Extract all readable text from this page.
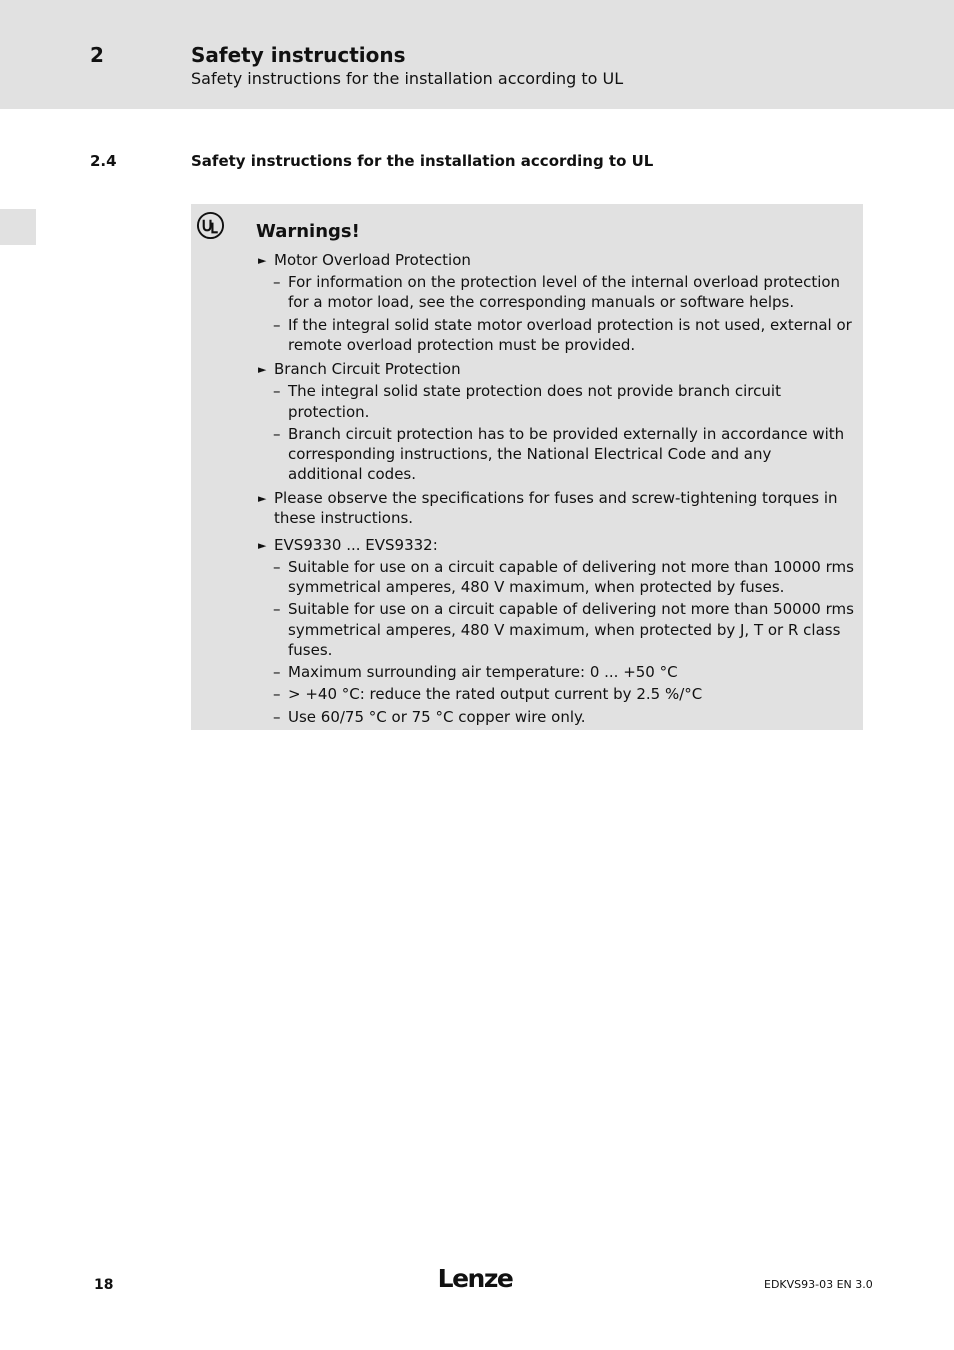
2	Safety instructions
Safety instructions for the installation according to UL
2.4	Safety instructions for the installation according to UL
Warnings!
► Motor Overload Protection
– For information on the protection level of the internal overload protection
for a motor load, see the corresponding manuals or software helps.
– If the integral solid state motor overload protection is not used, external or
remote overload protection must be provided.
► Branch Circuit Protection
– The integral solid state protection does not provide branch circuit
protection.
– Branch circuit protection has to be provided externally in accordance with
corresponding instructions, the National Electrical Code and any
additional codes.
► Please observe the specifications for fuses and screw-tightening torques in
these instructions.
► EVS9330 ... EVS9332:
– Suitable for use on a circuit capable of delivering not more than 10000 rms
symmetrical amperes, 480 V maximum, when protected by fuses.
– Suitable for use on a circuit capable of delivering not more than 50000 rms
symmetrical amperes, 480 V maximum, when protected by J, T or R class
fuses.
– Maximum surrounding air temperature: 0 ... +50 °C
– > +40 °C: reduce the rated output current by 2.5 %/°C
– Use 60/75 °C or 75 °C copper wire only.
18	Lenze	EDKVS93-03 EN 3.0
